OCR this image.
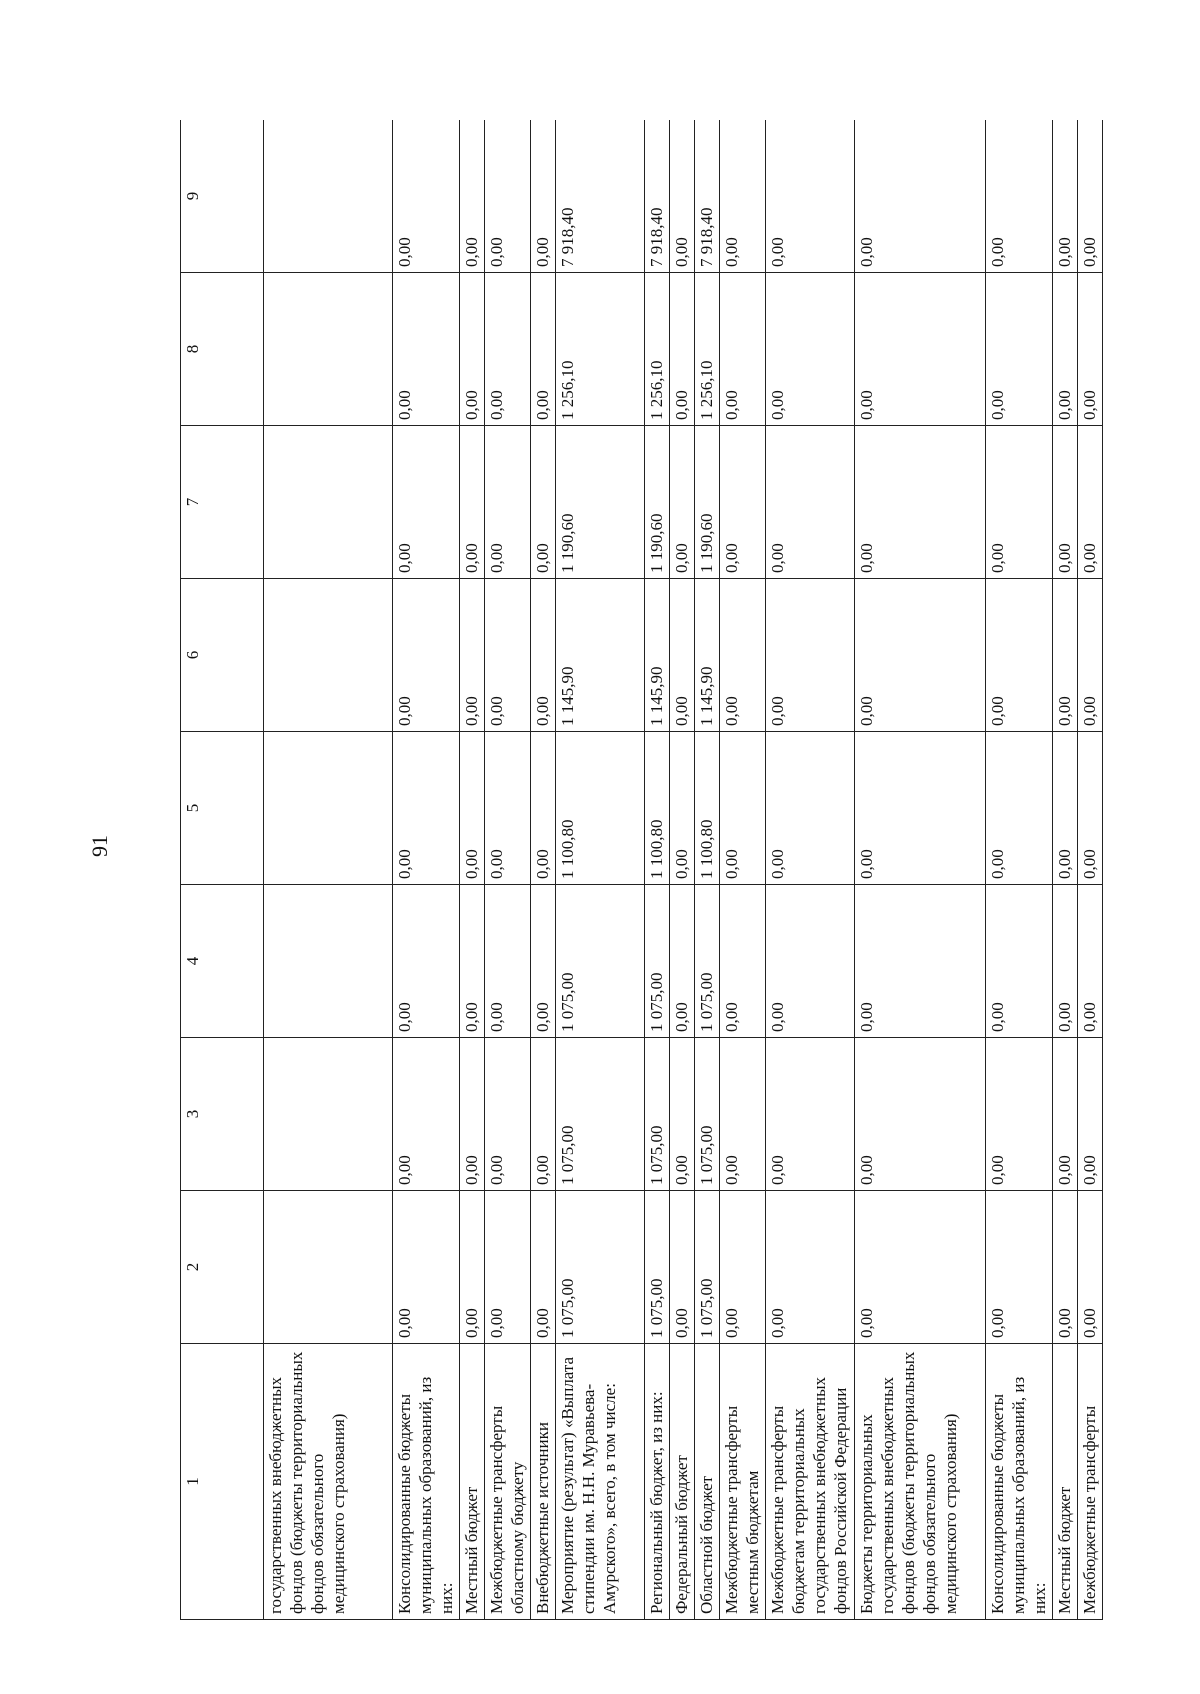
91
1	2	3	4	5	6	7	8	9
государственных внебюджетных фондов (бюджеты территориальных фондов обязательного медицинского страхования)								
Консолидированные бюджеты муниципальных образований, из них:	0,00	0,00	0,00	0,00	0,00	0,00	0,00	0,00
Местный бюджет	0,00	0,00	0,00	0,00	0,00	0,00	0,00	0,00
Межбюджетные трансферты областному бюджету	0,00	0,00	0,00	0,00	0,00	0,00	0,00	0,00
Внебюджетные источники	0,00	0,00	0,00	0,00	0,00	0,00	0,00	0,00
Мероприятие (результат) «Выплата стипендии им. Н.Н. Муравьева-Амурского», всего, в том числе:	1 075,00	1 075,00	1 075,00	1 100,80	1 145,90	1 190,60	1 256,10	7 918,40
Региональный бюджет, из них:	1 075,00	1 075,00	1 075,00	1 100,80	1 145,90	1 190,60	1 256,10	7 918,40
Федеральный бюджет	0,00	0,00	0,00	0,00	0,00	0,00	0,00	0,00
Областной бюджет	1 075,00	1 075,00	1 075,00	1 100,80	1 145,90	1 190,60	1 256,10	7 918,40
Межбюджетные трансферты местным бюджетам	0,00	0,00	0,00	0,00	0,00	0,00	0,00	0,00
Межбюджетные трансферты бюджетам территориальных государственных внебюджетных фондов Российской Федерации	0,00	0,00	0,00	0,00	0,00	0,00	0,00	0,00
Бюджеты территориальных государственных внебюджетных фондов (бюджеты территориальных фондов обязательного медицинского страхования)	0,00	0,00	0,00	0,00	0,00	0,00	0,00	0,00
Консолидированные бюджеты муниципальных образований, из них:	0,00	0,00	0,00	0,00	0,00	0,00	0,00	0,00
Местный бюджет	0,00	0,00	0,00	0,00	0,00	0,00	0,00	0,00
Межбюджетные трансферты	0,00	0,00	0,00	0,00	0,00	0,00	0,00	0,00
